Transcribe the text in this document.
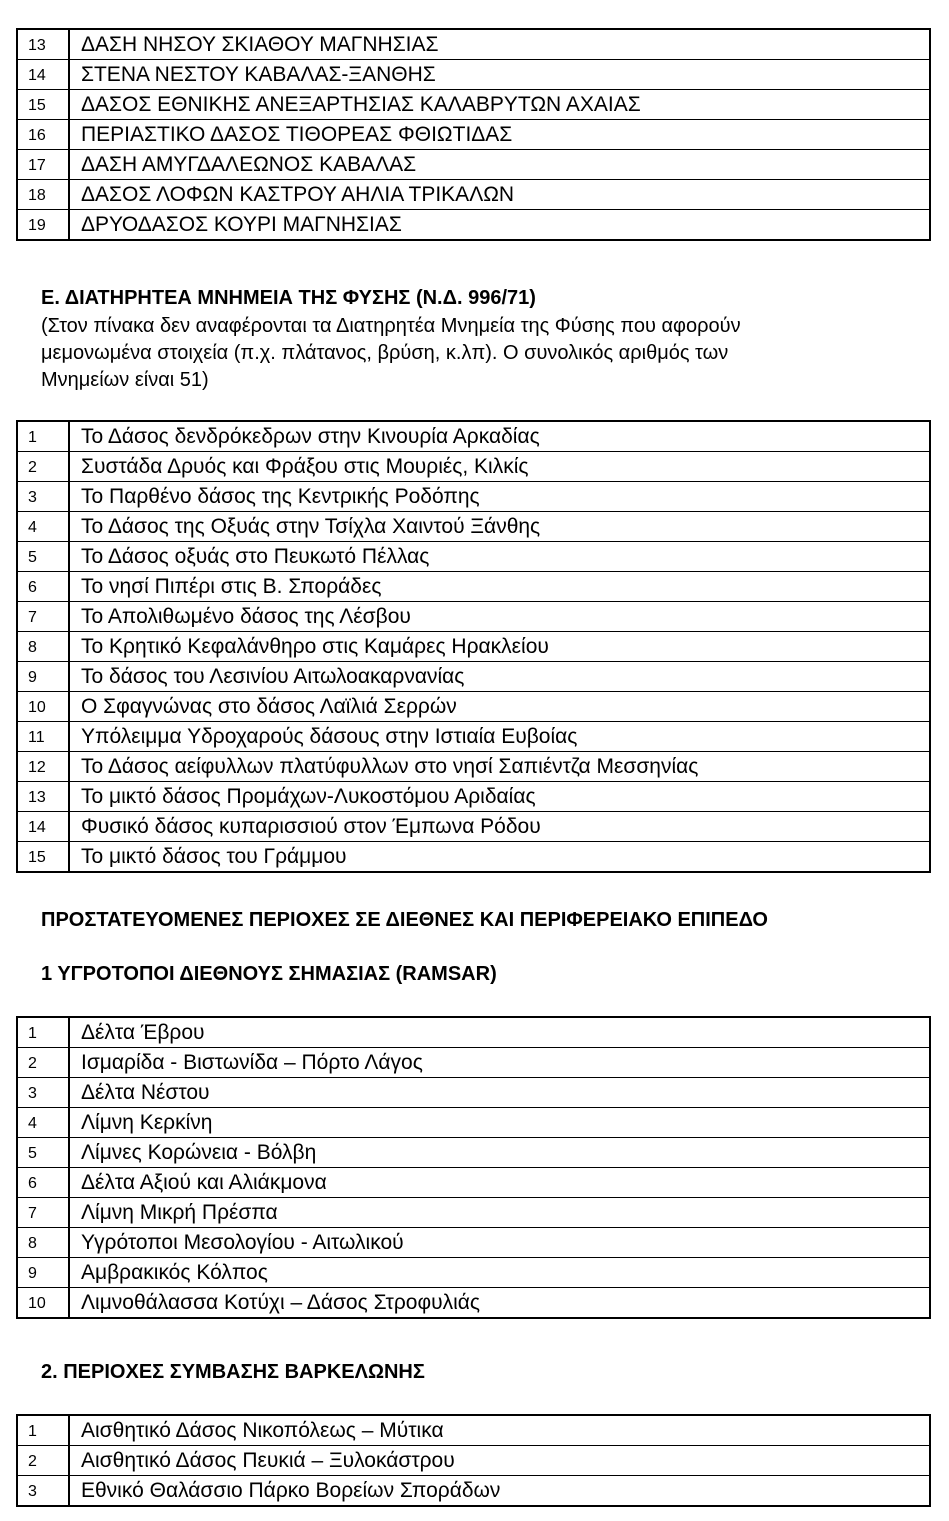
13	ΔΑΣΗ ΝΗΣΟΥ ΣΚΙΑΘΟΥ ΜΑΓΝΗΣΙΑΣ
14	ΣΤΕΝΑ ΝΕΣΤΟΥ ΚΑΒΑΛΑΣ-ΞΑΝΘΗΣ
15	ΔΑΣΟΣ ΕΘΝΙΚΗΣ ΑΝΕΞΑΡΤΗΣΙΑΣ ΚΑΛΑΒΡΥΤΩΝ ΑΧΑΙΑΣ
16	ΠΕΡΙΑΣΤΙΚΟ ΔΑΣΟΣ ΤΙΘΟΡΕΑΣ ΦΘΙΩΤΙΔΑΣ
17	ΔΑΣΗ ΑΜΥΓΔΑΛΕΩΝΟΣ ΚΑΒΑΛΑΣ
18	ΔΑΣΟΣ ΛΟΦΩΝ ΚΑΣΤΡΟΥ ΑΗΛΙΑ ΤΡΙΚΑΛΩΝ
19	ΔΡΥΟΔΑΣΟΣ ΚΟΥΡΙ ΜΑΓΝΗΣΙΑΣ
Ε. ΔΙΑΤΗΡΗΤΕΑ ΜΝΗΜΕΙΑ ΤΗΣ ΦΥΣΗΣ (Ν.Δ. 996/71)
(Στον πίνακα δεν αναφέρονται τα Διατηρητέα Μνημεία της Φύσης που αφορούν
μεμονωμένα στοιχεία (π.χ. πλάτανος, βρύση, κ.λπ). Ο συνολικός αριθμός των
Μνημείων είναι 51)
1	Το Δάσος δενδρόκεδρων στην Κινουρία Αρκαδίας
2	Συστάδα Δρυός και Φράξου στις Μουριές, Κιλκίς
3	Το Παρθένο δάσος της Κεντρικής Ροδόπης
4	Το Δάσος της Οξυάς στην Τσίχλα Χαιντού Ξάνθης
5	Το Δάσος οξυάς στο Πευκωτό Πέλλας
6	Το νησί Πιπέρι στις Β. Σποράδες
7	Το Απολιθωμένο δάσος της Λέσβου
8	Το Κρητικό Κεφαλάνθηρο στις Καμάρες Ηρακλείου
9	Το δάσος του Λεσινίου Αιτωλοακαρνανίας
10	Ο Σφαγνώνας στο δάσος Λαϊλιά Σερρών
11	Υπόλειμμα Υδροχαρούς δάσους στην Ιστιαία Ευβοίας
12	Το Δάσος αείφυλλων πλατύφυλλων στο νησί Σαπιέντζα Μεσσηνίας
13	Το μικτό δάσος Προμάχων-Λυκοστόμου Αριδαίας
14	Φυσικό δάσος κυπαρισσιού στον Έμπωνα Ρόδου
15	Το μικτό δάσος του Γράμμου
ΠΡΟΣΤΑΤΕΥΟΜΕΝΕΣ ΠΕΡΙΟΧΕΣ ΣΕ ΔΙΕΘΝΕΣ ΚΑΙ ΠΕΡΙΦΕΡΕΙΑΚΟ ΕΠΙΠΕΔΟ
1 ΥΓΡΟΤΟΠΟΙ ΔΙΕΘΝΟΥΣ ΣΗΜΑΣΙΑΣ (RAMSAR)
1	Δέλτα Έβρου
2	Ισμαρίδα - Βιστωνίδα – Πόρτο Λάγος
3	Δέλτα Νέστου
4	Λίμνη Κερκίνη
5	Λίμνες Κορώνεια - Βόλβη
6	Δέλτα Αξιού και Αλιάκμονα
7	Λίμνη Μικρή Πρέσπα
8	Υγρότοποι Μεσολογίου - Αιτωλικού
9	Αμβρακικός Κόλπος
10	Λιμνοθάλασσα Κοτύχι – Δάσος Στροφυλιάς
2. ΠΕΡΙΟΧΕΣ ΣΥΜΒΑΣΗΣ ΒΑΡΚΕΛΩΝΗΣ
1	Αισθητικό Δάσος Νικοπόλεως – Μύτικα
2	Αισθητικό Δάσος Πευκιά – Ξυλοκάστρου
3	Εθνικό Θαλάσσιο Πάρκο Βορείων Σποράδων
